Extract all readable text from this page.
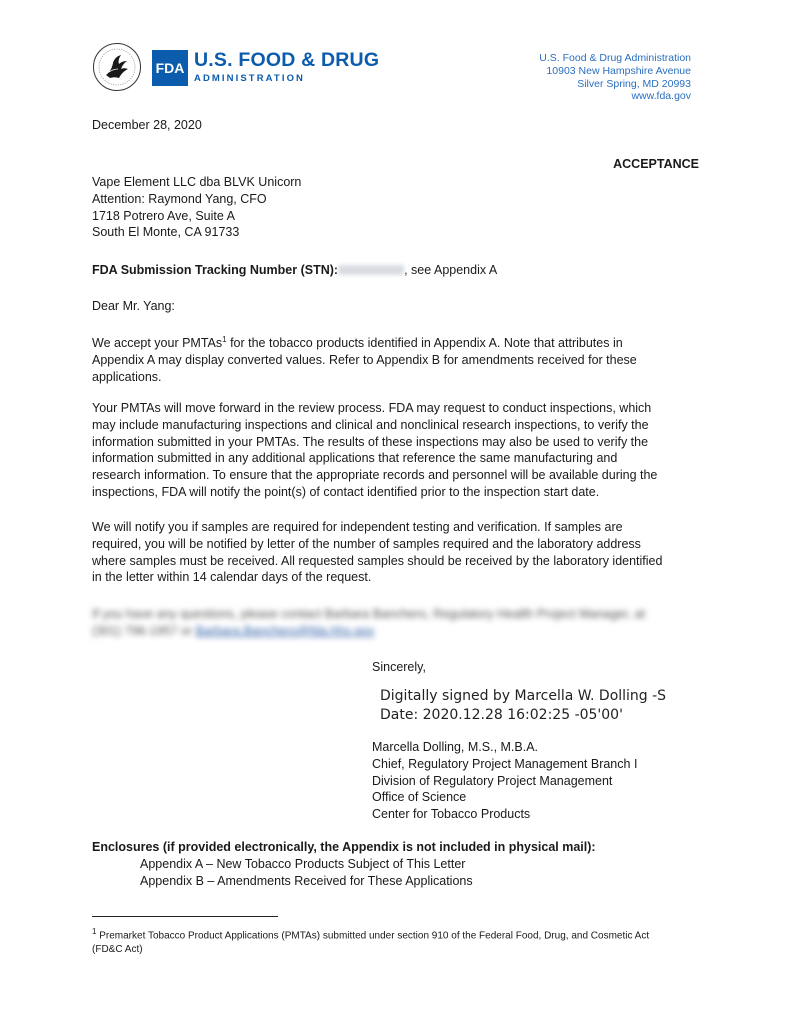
FDA U.S. FOOD & DRUG
ADMINISTRATION
U.S. Food & Drug Administration
10903 New Hampshire Avenue
Silver Spring, MD 20993
www.fda.gov
December 28, 2020
ACCEPTANCE
Vape Element LLC dba BLVK Unicorn
Attention: Raymond Yang, CFO
1718 Potrero Ave, Suite A
South El Monte, CA 91733
FDA Submission Tracking Number (STN):	, see Appendix A
Dear Mr. Yang:
We accept your PMTAs$^1$ for the tobacco products identified in Appendix A. Note that attributes in
Appendix A may display converted values. Refer to Appendix B for amendments received for these
applications.
Your PMTAs will move forward in the review process. FDA may request to conduct inspections, which
may include manufacturing inspections and clinical and nonclinical research inspections, to verify the
information submitted in your PMTAs. The results of these inspections may also be used to verify the
information submitted in any additional applications that reference the same manufacturing and
research information. To ensure that the appropriate records and personnel will be available during the
inspections, FDA will notify the point(s) of contact identified prior to the inspection start date.
We will notify you if samples are required for independent testing and verification. If samples are
required, you will be notified by letter of the number of samples required and the laboratory address
where samples must be received. All requested samples should be received by the laboratory identified
in the letter within 14 calendar days of the request.
If you have any questions, please contact Barbara Banchero, Regulatory Health Project Manager, at
(301) 796-1957 or Barbara.Banchero@fda.hhs.gov
Sincerely,
Digitally signed by Marcella W. Dolling -S
Date: 2020.12.28 16:02:25 -05'00'
Marcella Dolling, M.S., M.B.A.
Chief, Regulatory Project Management Branch I
Division of Regulatory Project Management
Office of Science
Center for Tobacco Products
Enclosures (if provided electronically, the Appendix is not included in physical mail):
Appendix A – New Tobacco Products Subject of This Letter
Appendix B – Amendments Received for These Applications
$^1$ Premarket Tobacco Product Applications (PMTAs) submitted under section 910 of the Federal Food, Drug, and Cosmetic Act
(FD&C Act)
